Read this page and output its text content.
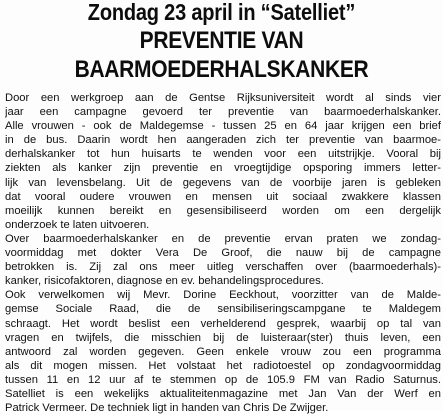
Zondag 23 april in “Satelliet”
PREVENTIE VAN
BAARMOEDERHALSKANKER
Door een werkgroep aan de Gentse Rijksuniversiteit wordt al sinds vier
jaar een campagne gevoerd ter preventie van baarmoederhalskanker.
Alle vrouwen - ook de Maldegemse - tussen 25 en 64 jaar krijgen een brief
in de bus. Daarin wordt hen aangeraden zich ter preventie van baarmoe-
derhalskanker tot hun huisarts te wenden voor een uitstrijkje. Vooral bij
ziekten als kanker zijn preventie en vroegtijdige opsporing immers letter-
lijk van levensbelang. Uit de gegevens van de voorbije jaren is gebleken
dat vooral oudere vrouwen en mensen uit sociaal zwakkere klassen
moeilijk kunnen bereikt en gesensibiliseerd worden om een dergelijk
onderzoek te laten uitvoeren.
Over baarmoederhalskanker en de preventie ervan praten we zondag-
voormiddag met dokter Vera De Groof, die nauw bij de campagne
betrokken is. Zij zal ons meer uitleg verschaffen over (baarmoederhals)-
kanker, risicofaktoren, diagnose en ev. behandelingsprocedures.
Ook verwelkomen wij Mevr. Dorine Eeckhout, voorzitter van de Malde-
gemse Sociale Raad, die de sensibiliseringscampgane te Maldegem
schraagt. Het wordt beslist een verhelderend gesprek, waarbij op tal van
vragen en twijfels, die misschien bij de luisteraar(ster) thuis leven, een
antwoord zal worden gegeven. Geen enkele vrouw zou een programma
als dit mogen missen. Het volstaat het radiotoestel op zondagvoormiddag
tussen 11 en 12 uur af te stemmen op de 105.9 FM van Radio Saturnus.
Satelliet is een wekelijks aktualiteitenmagazine met Jan Van der Werf en
Patrick Vermeer. De techniek ligt in handen van Chris De Zwijger.
